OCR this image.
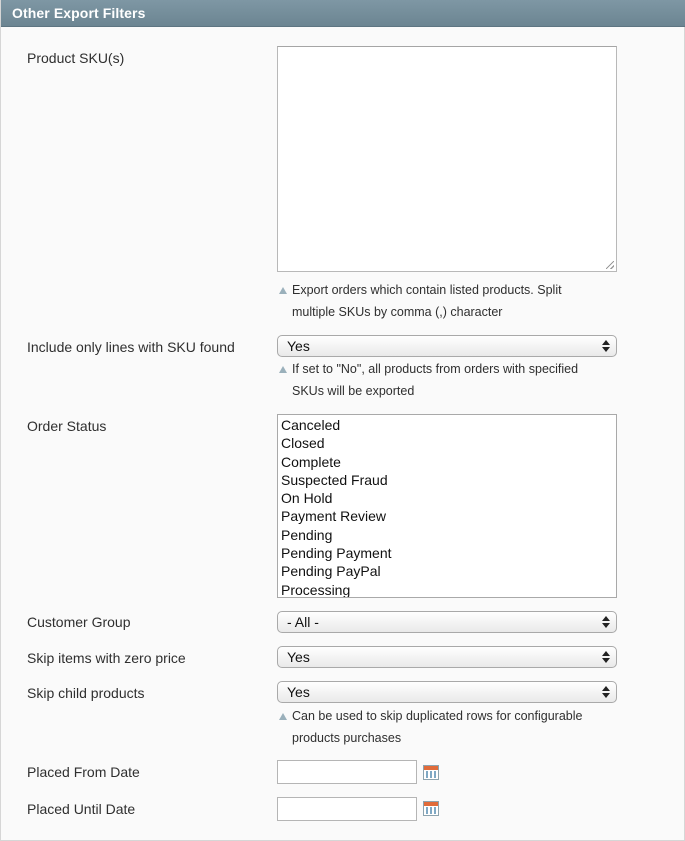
Other Export Filters
Product SKU(s)
Export orders which contain listed products. Split
multiple SKUs by comma (,) character
Include only lines with SKU found	Yes
If set to "No", all products from orders with specified
SKUs will be exported
Order Status	Canceled
Closed
Complete
Suspected Fraud
On Hold
Payment Review
Pending
Pending Payment
Pending PayPal
Processing
Customer Group	- All -
Skip items with zero price	Yes
Skip child products	Yes
Can be used to skip duplicated rows for configurable
products purchases
Placed From Date
Placed Until Date
